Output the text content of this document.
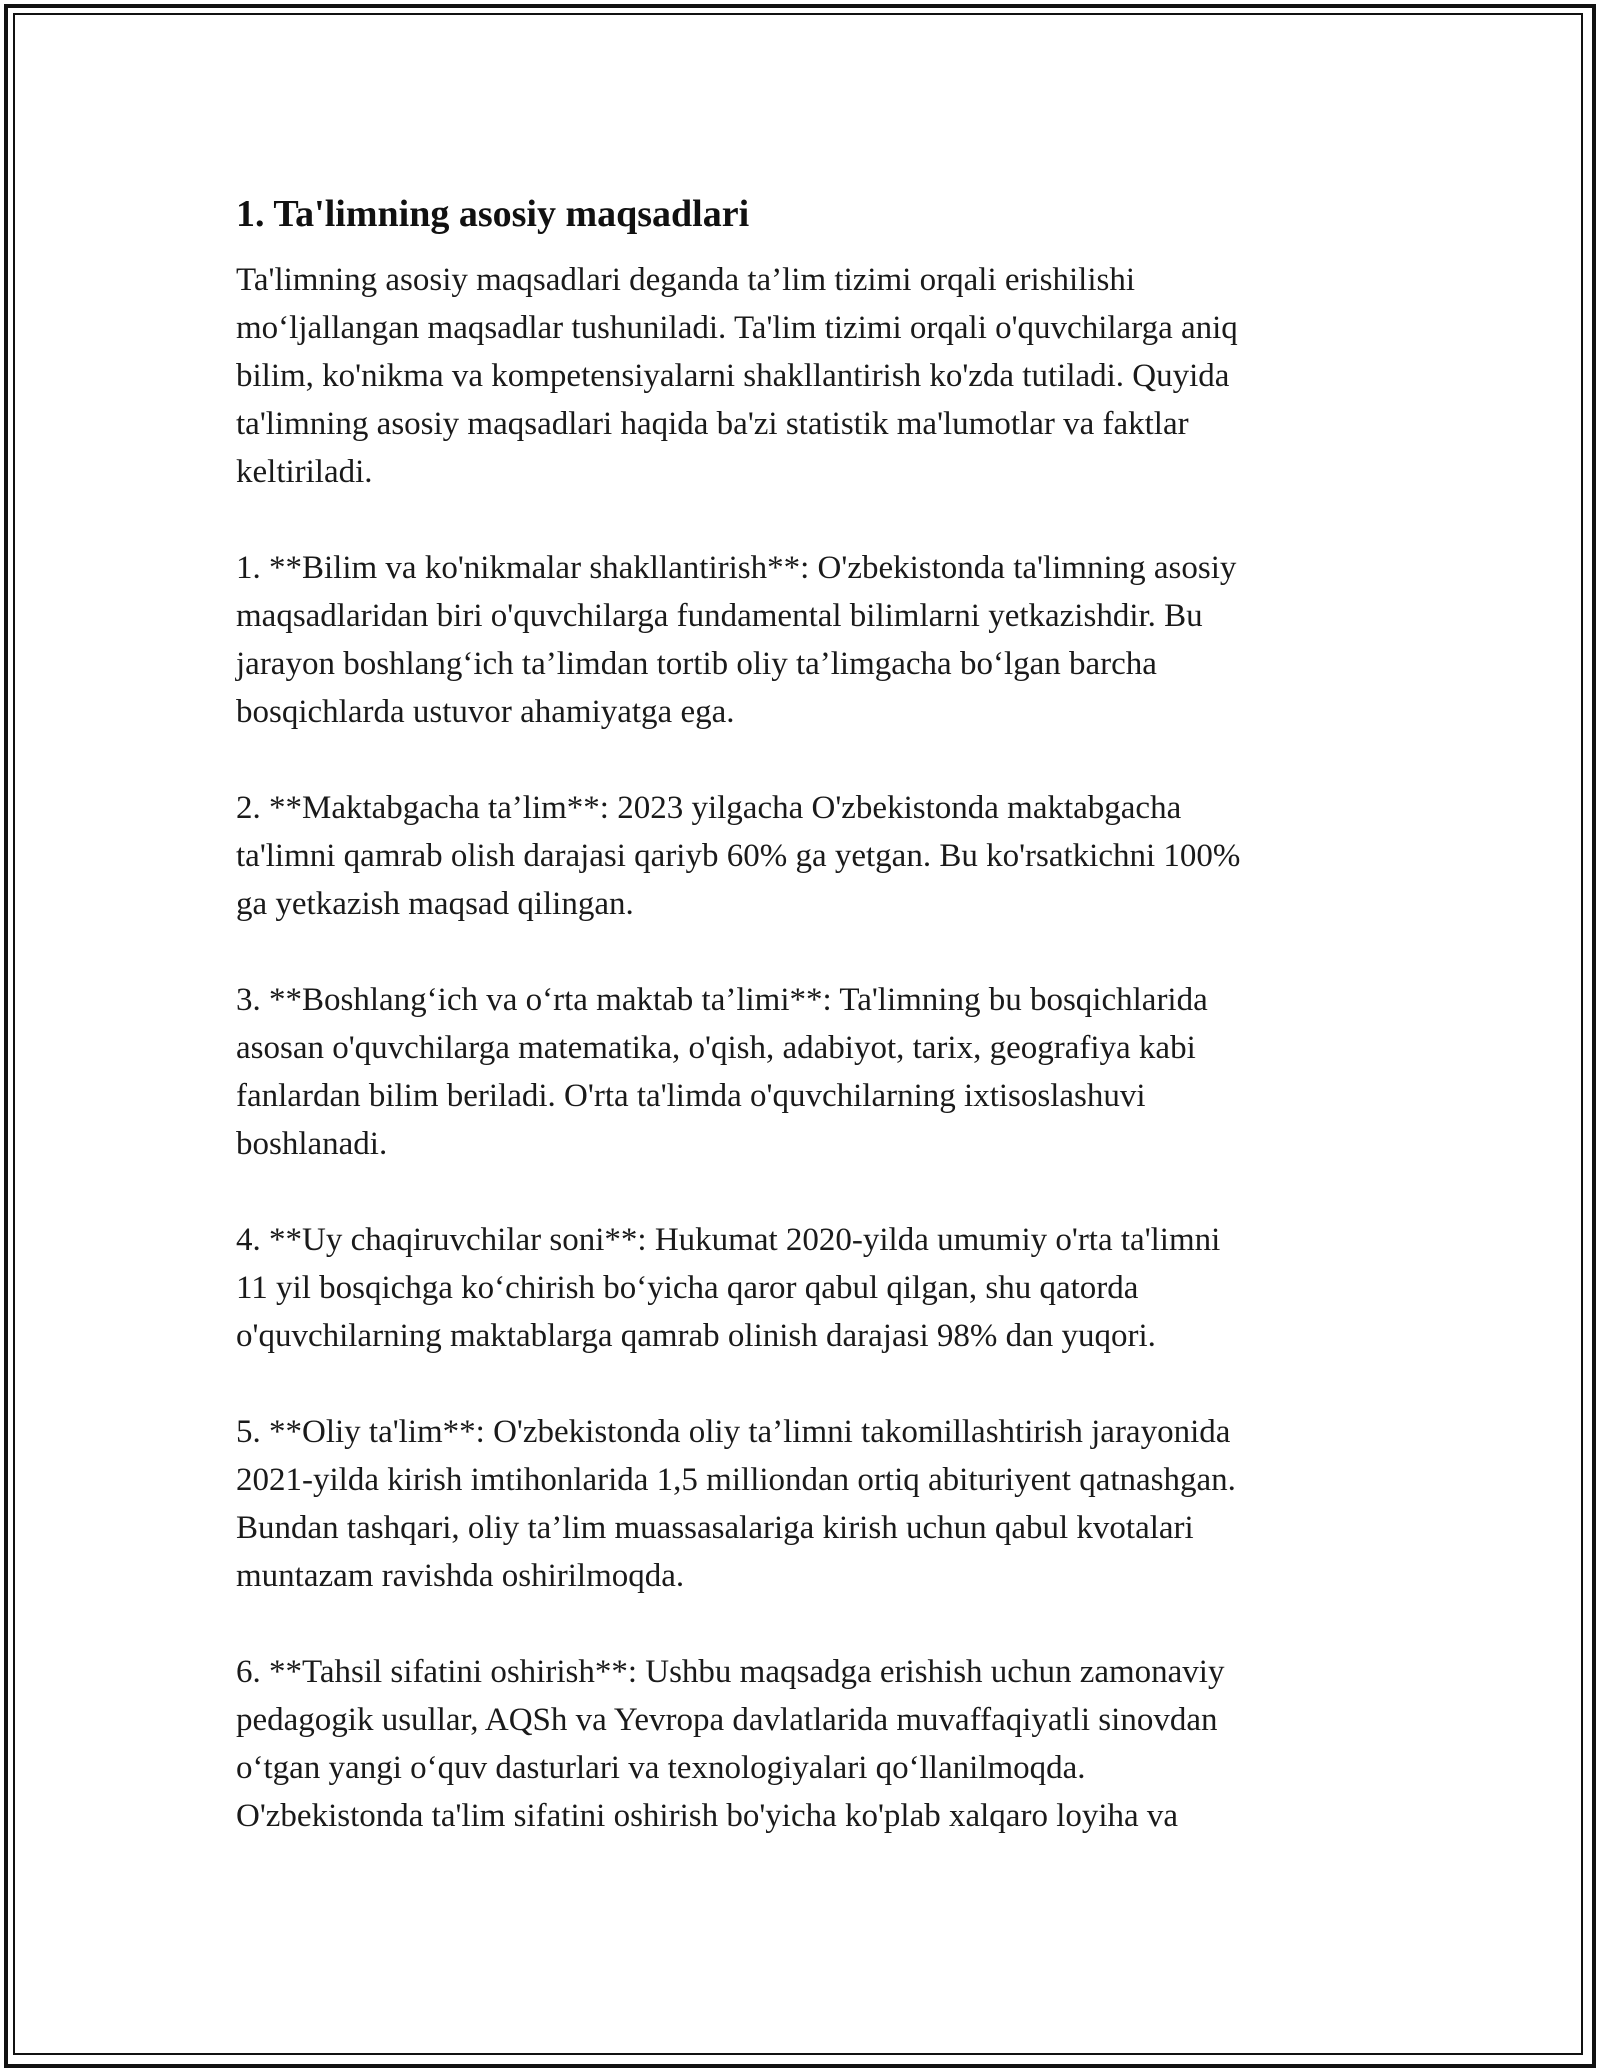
1. Ta'limning asosiy maqsadlari

Ta'limning asosiy maqsadlari deganda ta’lim tizimi orqali erishilishi
mo‘ljallangan maqsadlar tushuniladi. Ta'lim tizimi orqali o'quvchilarga aniq
bilim, ko'nikma va kompetensiyalarni shakllantirish ko'zda tutiladi. Quyida
ta'limning asosiy maqsadlari haqida ba'zi statistik ma'lumotlar va faktlar
keltiriladi.

1. **Bilim va ko'nikmalar shakllantirish**: O'zbekistonda ta'limning asosiy
maqsadlaridan biri o'quvchilarga fundamental bilimlarni yetkazishdir. Bu
jarayon boshlang‘ich ta’limdan tortib oliy ta’limgacha bo‘lgan barcha
bosqichlarda ustuvor ahamiyatga ega.

2. **Maktabgacha ta’lim**: 2023 yilgacha O'zbekistonda maktabgacha
ta'limni qamrab olish darajasi qariyb 60% ga yetgan. Bu ko'rsatkichni 100%
ga yetkazish maqsad qilingan.

3. **Boshlang‘ich va o‘rta maktab ta’limi**: Ta'limning bu bosqichlarida
asosan o'quvchilarga matematika, o'qish, adabiyot, tarix, geografiya kabi
fanlardan bilim beriladi. O'rta ta'limda o'quvchilarning ixtisoslashuvi
boshlanadi.

4. **Uy chaqiruvchilar soni**: Hukumat 2020-yilda umumiy o'rta ta'limni
11 yil bosqichga ko‘chirish bo‘yicha qaror qabul qilgan, shu qatorda
o'quvchilarning maktablarga qamrab olinish darajasi 98% dan yuqori.

5. **Oliy ta'lim**: O'zbekistonda oliy ta’limni takomillashtirish jarayonida
2021-yilda kirish imtihonlarida 1,5 milliondan ortiq abituriyent qatnashgan.
Bundan tashqari, oliy ta’lim muassasalariga kirish uchun qabul kvotalari
muntazam ravishda oshirilmoqda.

6. **Tahsil sifatini oshirish**: Ushbu maqsadga erishish uchun zamonaviy
pedagogik usullar, AQSh va Yevropa davlatlarida muvaffaqiyatli sinovdan
o‘tgan yangi o‘quv dasturlari va texnologiyalari qo‘llanilmoqda.
O'zbekistonda ta'lim sifatini oshirish bo'yicha ko'plab xalqaro loyiha va
